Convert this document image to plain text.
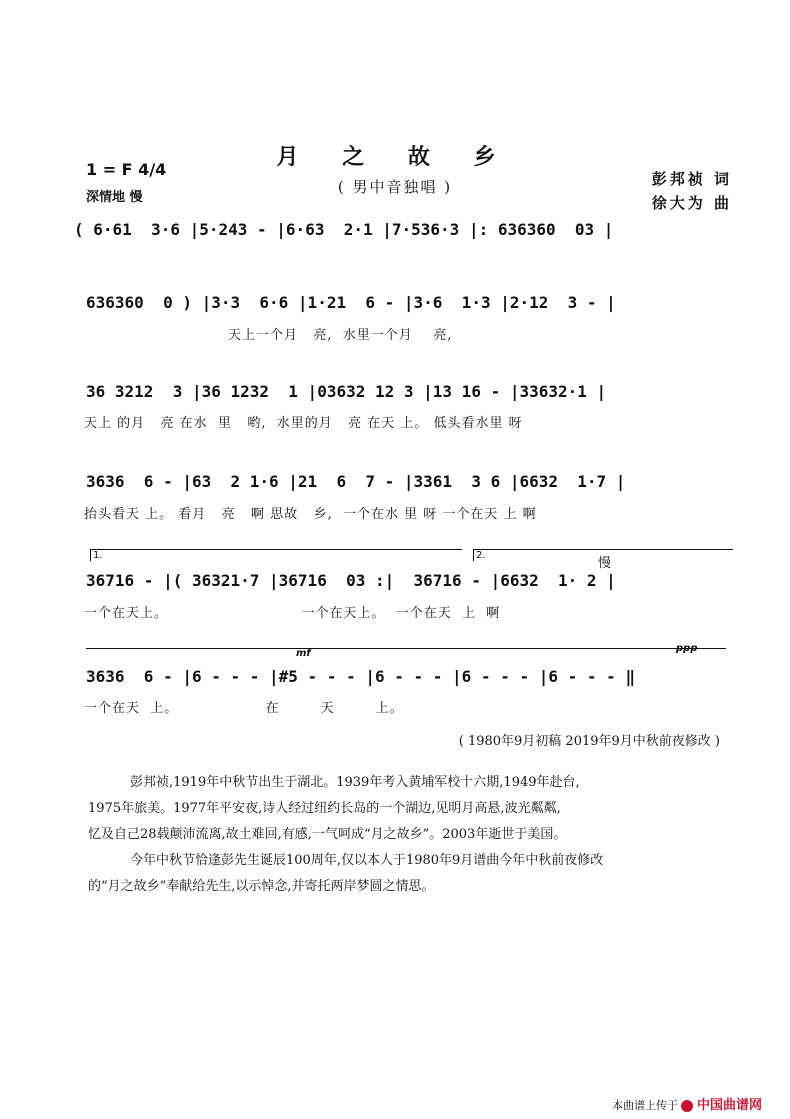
月 之 故 乡
( 男中音独唱 )
1 = F 4/4
深情地 慢
彭邦祯 词
徐大为 曲
( 6·61  3·6 |5·243 - |6·63  2·1 |7·536·3 |: 636360  03 |
636360  0 ) |3·3  6·6 |1·21  6 - |3·6  1·3 |2·12  3 - |
天上一个月   亮,  水里一个月    亮,
36 3212  3 |36 1232  1 |03632 12 3 |13 16 - |33632·1 |
天上 的月   亮 在水  里   哟,  水里的月   亮 在天 上。 低头看水里 呀
3636  6 - |63  2 1·6 |21  6  7 - |3361  3 6 |6632  1·7 |
抬头看天 上。 看月   亮   啊 思故   乡,  一个在水 里 呀 一个在天 上 啊
1.	2.
慢
36716 - |( 36321·7 |36716  03 :|  36716 - |6632  1· 2 |
一个在天上。                          一个在天上。  一个在天  上  啊
mf	ppp
3636  6 - |6 - - - |#5 - - - |6 - - - |6 - - - |6 - - - ‖
一个在天  上。                 在        天        上。
( 1980年9月初稿 2019年9月中秋前夜修改 )

彭邦祯,1919年中秋节出生于湖北。1939年考入黄埔军校十六期,1949年赴台,

1975年旅美。1977年平安夜,诗人经过纽约长岛的一个湖边,见明月高悬,波光粼粼,

忆及自己28载颠沛流离,故土难回,有感,一气呵成“月之故乡”。2003年逝世于美国。

今年中秋节恰逢彭先生诞辰100周年,仅以本人于1980年9月谱曲今年中秋前夜修改

的“月之故乡”奉献给先生,以示悼念,并寄托两岸梦圆之情思。

本曲谱上传于 中国曲谱网
